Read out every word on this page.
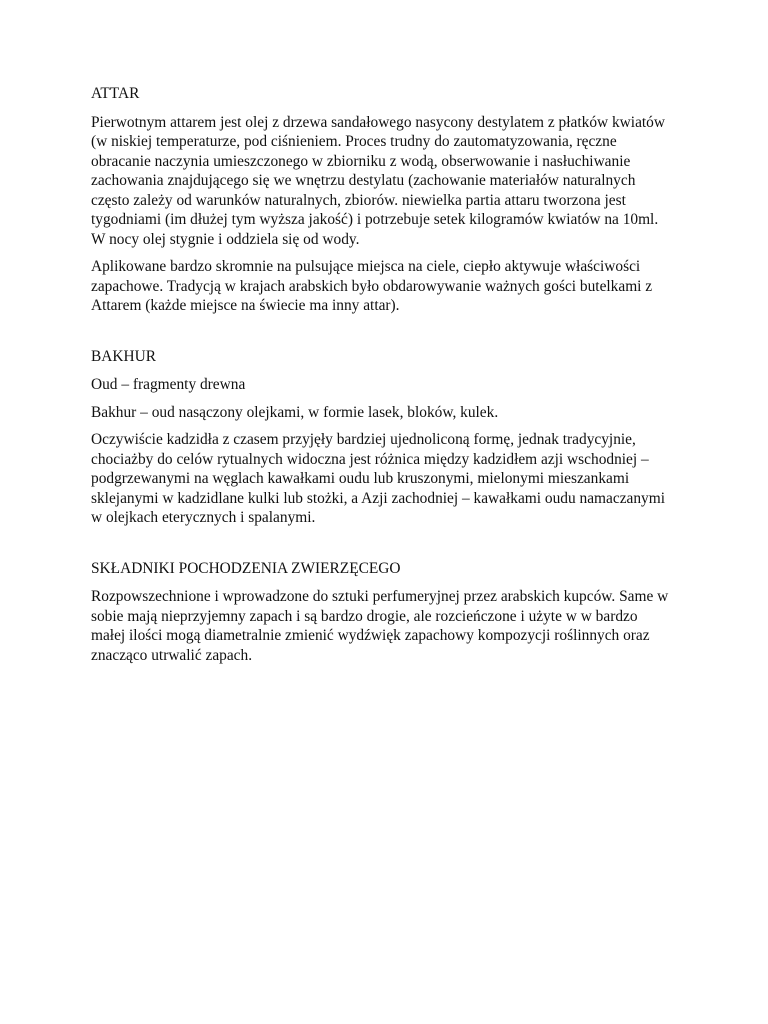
ATTAR

Pierwotnym attarem jest olej z drzewa sandałowego nasycony destylatem z płatków kwiatów
(w niskiej temperaturze, pod ciśnieniem. Proces trudny do zautomatyzowania, ręczne
obracanie naczynia umieszczonego w zbiorniku z wodą, obserwowanie i nasłuchiwanie
zachowania znajdującego się we wnętrzu destylatu (zachowanie materiałów naturalnych
często zależy od warunków naturalnych, zbiorów. niewielka partia attaru tworzona jest
tygodniami (im dłużej tym wyższa jakość) i potrzebuje setek kilogramów kwiatów na 10ml.
W nocy olej stygnie i oddziela się od wody.

Aplikowane bardzo skromnie na pulsujące miejsca na ciele, ciepło aktywuje właściwości
zapachowe. Tradycją w krajach arabskich było obdarowywanie ważnych gości butelkami z
Attarem (każde miejsce na świecie ma inny attar).

BAKHUR

Oud – fragmenty drewna

Bakhur – oud nasączony olejkami, w formie lasek, bloków, kulek.

Oczywiście kadzidła z czasem przyjęły bardziej ujednoliconą formę, jednak tradycyjnie,
chociażby do celów rytualnych widoczna jest różnica między kadzidłem azji wschodniej –
podgrzewanymi na węglach kawałkami oudu lub kruszonymi, mielonymi mieszankami
sklejanymi w kadzidlane kulki lub stożki, a Azji zachodniej – kawałkami oudu namaczanymi
w olejkach eterycznych i spalanymi.

SKŁADNIKI POCHODZENIA ZWIERZĘCEGO

Rozpowszechnione i wprowadzone do sztuki perfumeryjnej przez arabskich kupców. Same w
sobie mają nieprzyjemny zapach i są bardzo drogie, ale rozcieńczone i użyte w w bardzo
małej ilości mogą diametralnie zmienić wydźwięk zapachowy kompozycji roślinnych oraz
znacząco utrwalić zapach.
